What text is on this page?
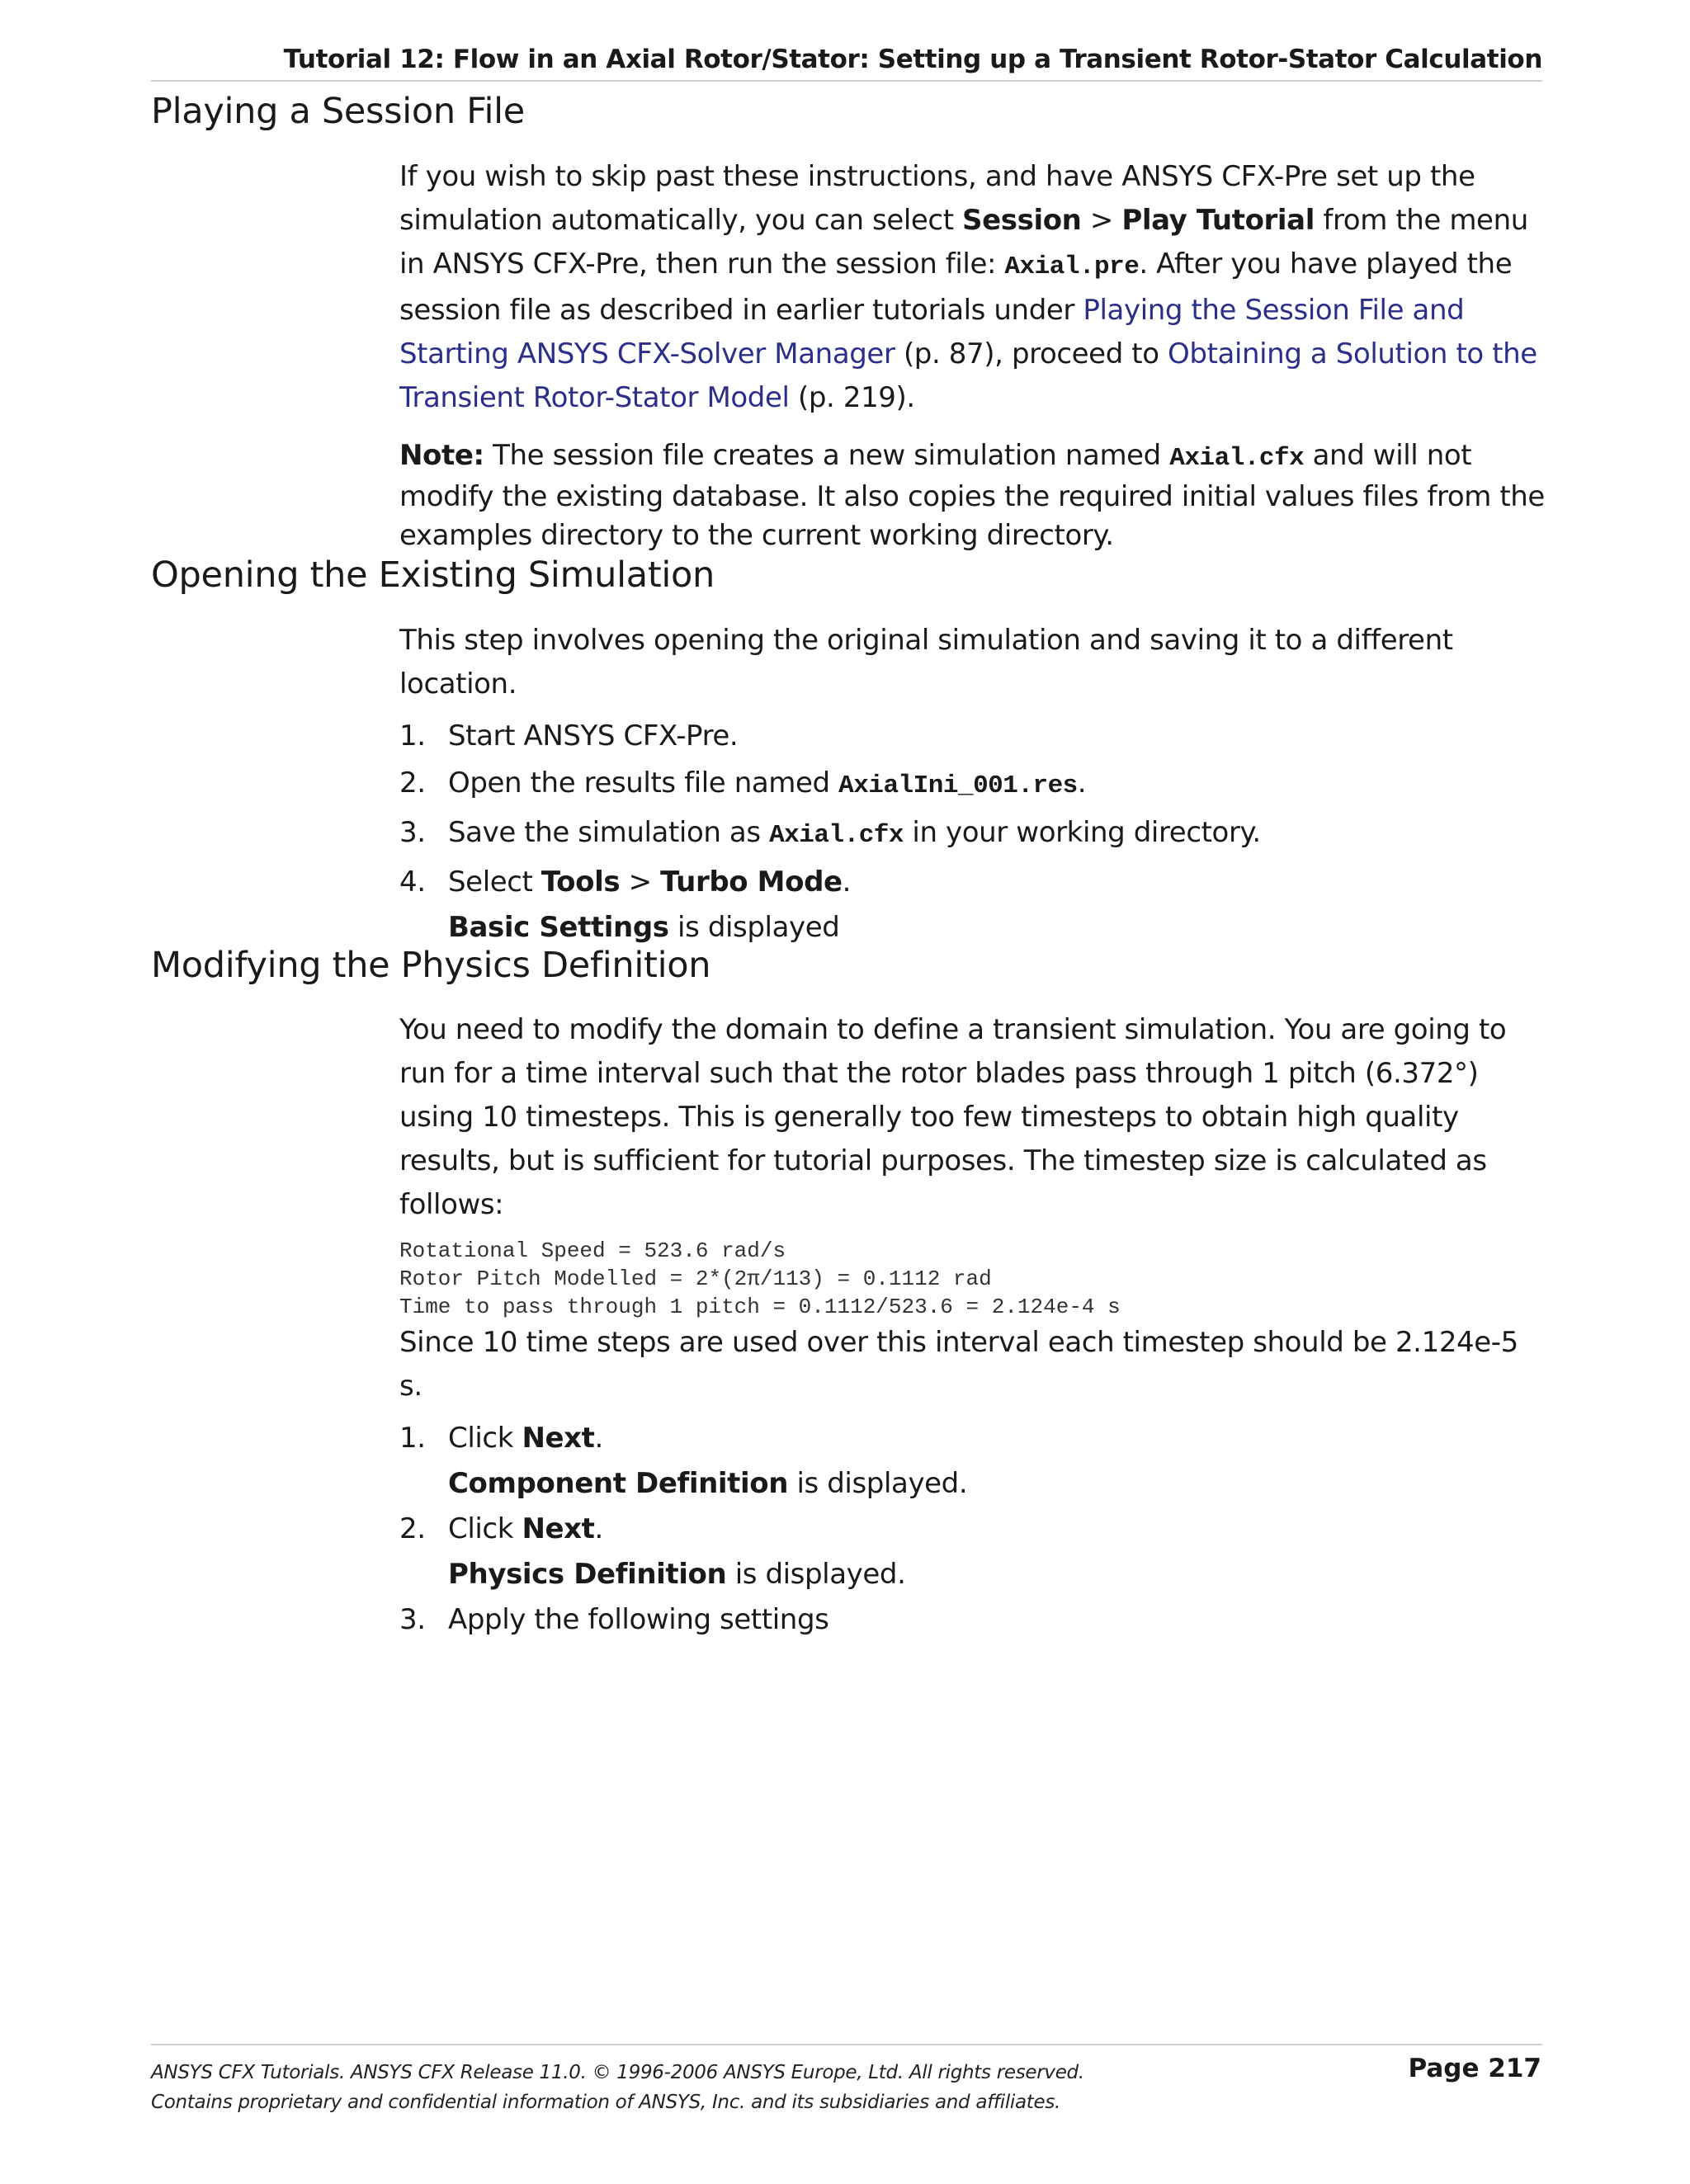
Tutorial 12: Flow in an Axial Rotor/Stator: Setting up a Transient Rotor-Stator Calculation
Playing a Session File

If you wish to skip past these instructions, and have ANSYS CFX-Pre set up the simulation automatically, you can select Session > Play Tutorial from the menu in ANSYS CFX-Pre, then run the session file: Axial.pre. After you have played the session file as described in earlier tutorials under Playing the Session File and Starting ANSYS CFX-Solver Manager (p. 87), proceed to Obtaining a Solution to the Transient Rotor-Stator Model (p. 219).

Note: The session file creates a new simulation named Axial.cfx and will not modify the existing database. It also copies the required initial values files from the examples directory to the current working directory.

Opening the Existing Simulation

This step involves opening the original simulation and saving it to a different location.

1. Start ANSYS CFX-Pre.
2. Open the results file named AxialIni_001.res.
3. Save the simulation as Axial.cfx in your working directory.
4. Select Tools > Turbo Mode.

Basic Settings is displayed

Modifying the Physics Definition

You need to modify the domain to define a transient simulation. You are going to run for a time interval such that the rotor blades pass through 1 pitch (6.372°) using 10 timesteps. This is generally too few timesteps to obtain high quality results, but is sufficient for tutorial purposes. The timestep size is calculated as follows:

Rotational Speed = 523.6 rad/s
Rotor Pitch Modelled = 2*(2π/113) = 0.1112 rad
Time to pass through 1 pitch = 0.1112/523.6 = 2.124e-4 s

Since 10 time steps are used over this interval each timestep should be 2.124e-5 s.

1. Click Next.

Component Definition is displayed.

2. Click Next.

Physics Definition is displayed.

3. Apply the following settings
ANSYS CFX Tutorials. ANSYS CFX Release 11.0. © 1996-2006 ANSYS Europe, Ltd. All rights reserved.
Contains proprietary and confidential information of ANSYS, Inc. and its subsidiaries and affiliates.
Page 217
